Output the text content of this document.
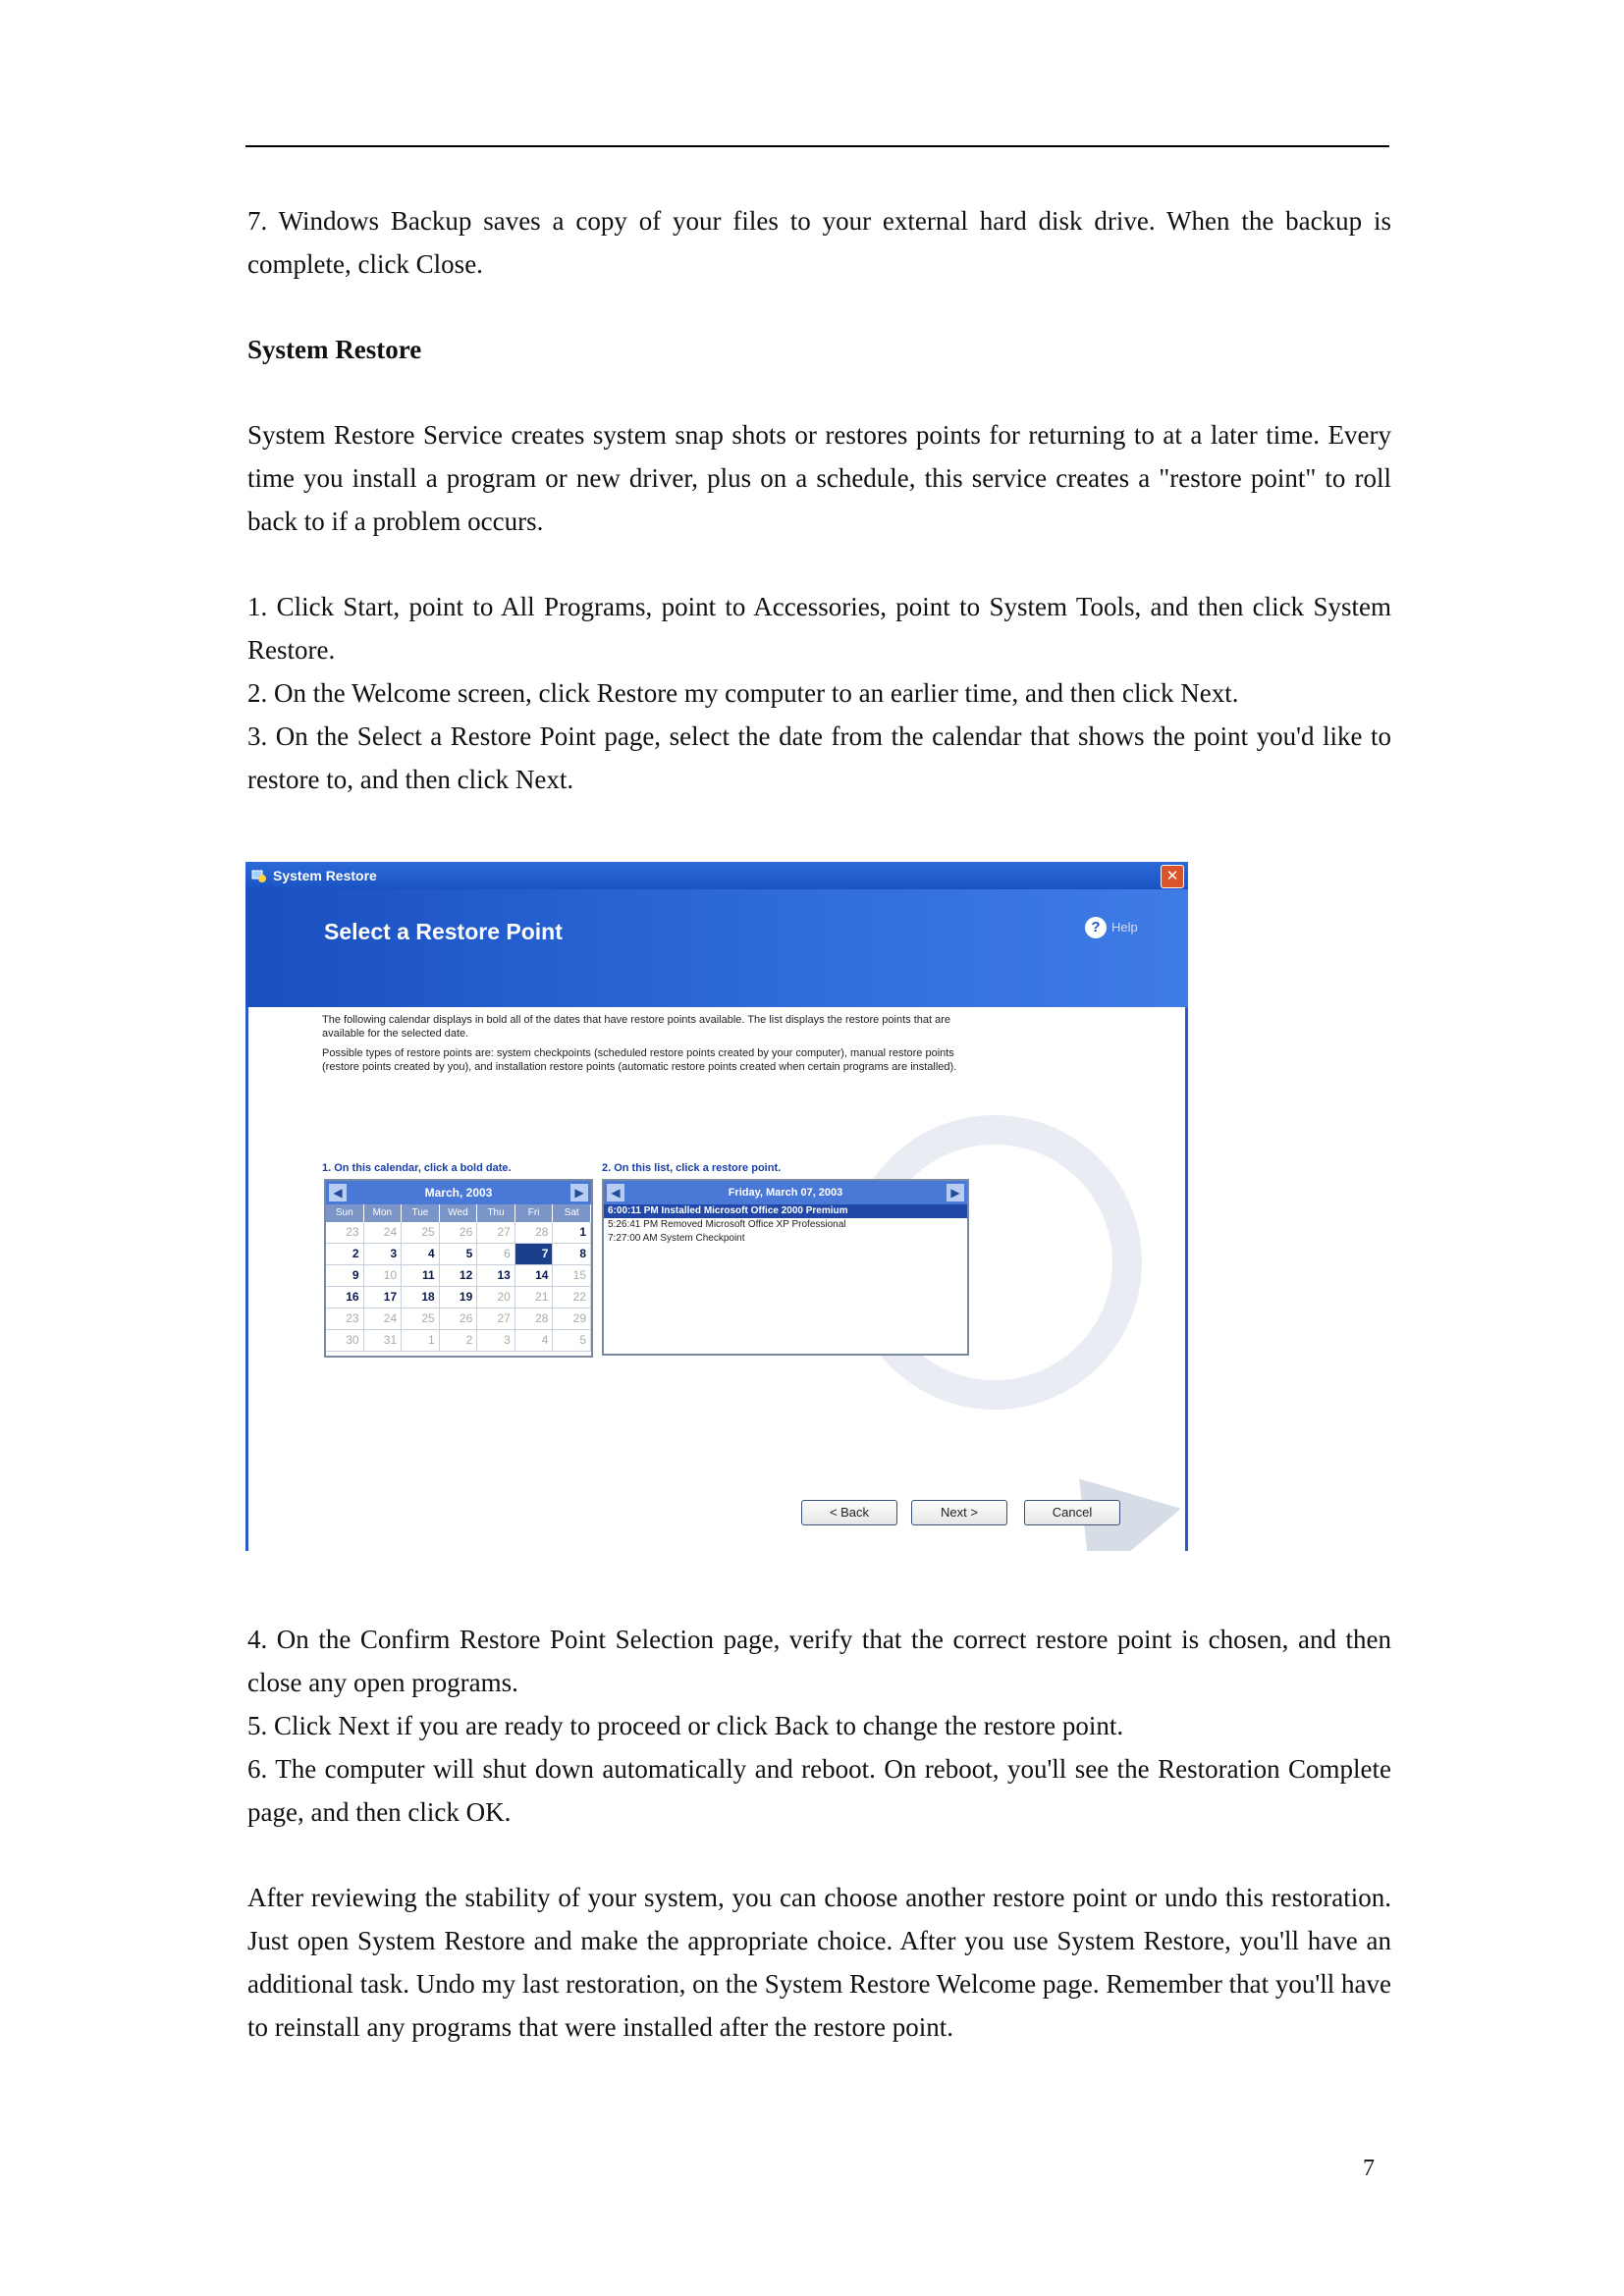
7. Windows Backup saves a copy of your files to your external hard disk drive. When the backup is complete, click Close.

System Restore

System Restore Service creates system snap shots or restores points for returning to at a later time. Every time you install a program or new driver, plus on a schedule, this service creates a "restore point" to roll back to if a problem occurs.

1. Click Start, point to All Programs, point to Accessories, point to System Tools, and then click System Restore.

2. On the Welcome screen, click Restore my computer to an earlier time, and then click Next.

3. On the Select a Restore Point page, select the date from the calendar that shows the point you'd like to restore to, and then click Next.

System Restore	✕
Select a Restore Point	? Help
The following calendar displays in bold all of the dates that have restore points available. The list displays the restore points that are available for the selected date.
Possible types of restore points are: system checkpoints (scheduled restore points created by your computer), manual restore points (restore points created by you), and installation restore points (automatic restore points created when certain programs are installed).
1. On this calendar, click a bold date.	2. On this list, click a restore point.
◀	March, 2003	▶
Sun	Mon	Tue	Wed	Thu	Fri	Sat
23	24	25	26	27	28	1
2	3	4	5	6	7	8
9	10	11	12	13	14	15
16	17	18	19	20	21	22
23	24	25	26	27	28	29
30	31	1	2	3	4	5
◀	Friday, March 07, 2003	▶
6:00:11 PM Installed Microsoft Office 2000 Premium
5:26:41 PM Removed Microsoft Office XP Professional
7:27:00 AM System Checkpoint
< Back	Next >	Cancel

4. On the Confirm Restore Point Selection page, verify that the correct restore point is chosen, and then close any open programs.

5. Click Next if you are ready to proceed or click Back to change the restore point.

6. The computer will shut down automatically and reboot. On reboot, you'll see the Restoration Complete page, and then click OK.

After reviewing the stability of your system, you can choose another restore point or undo this restoration. Just open System Restore and make the appropriate choice. After you use System Restore, you'll have an additional task. Undo my last restoration, on the System Restore Welcome page. Remember that you'll have to reinstall any programs that were installed after the restore point.

7
